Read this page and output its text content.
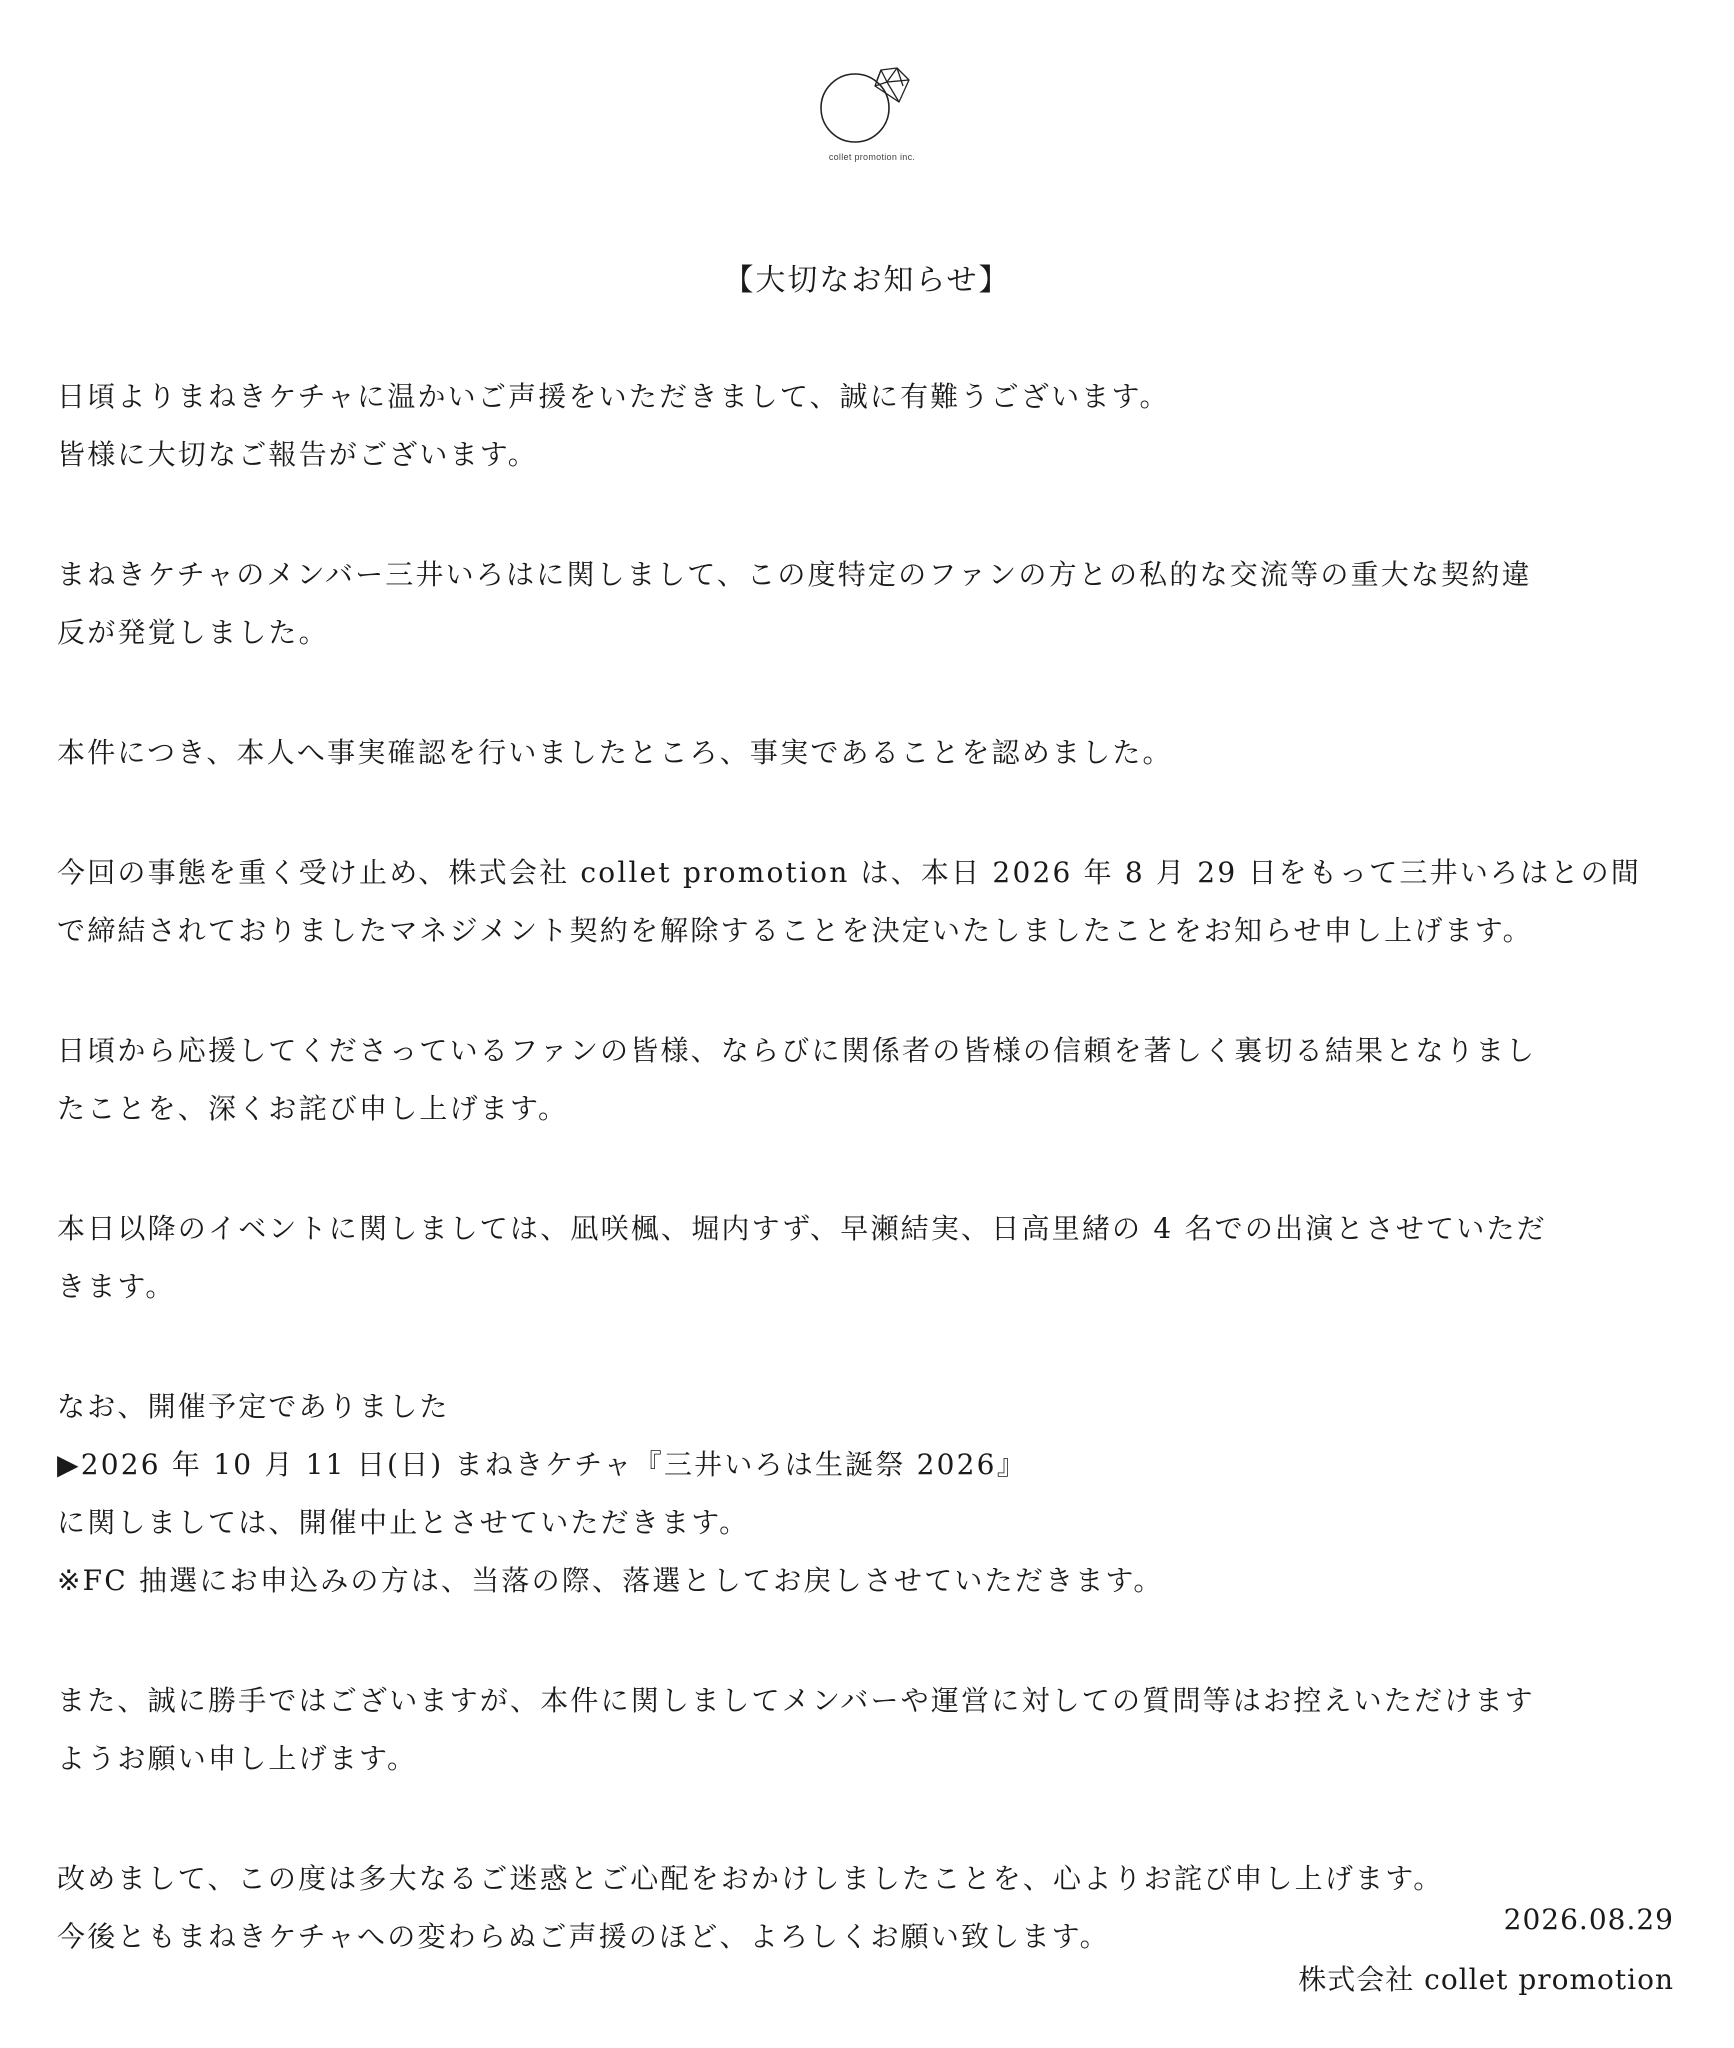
collet promotion inc.
【大切なお知らせ】
日頃よりまねきケチャに温かいご声援をいただきまして、誠に有難うございます。
皆様に大切なご報告がございます。
まねきケチャのメンバー三井いろはに関しまして、この度特定のファンの方との私的な交流等の重大な契約違
反が発覚しました。
本件につき、本人へ事実確認を行いましたところ、事実であることを認めました。
今回の事態を重く受け止め、株式会社 collet promotion は、本日 2026 年 8 月 29 日をもって三井いろはとの間
で締結されておりましたマネジメント契約を解除することを決定いたしましたことをお知らせ申し上げます。
日頃から応援してくださっているファンの皆様、ならびに関係者の皆様の信頼を著しく裏切る結果となりまし
たことを、深くお詫び申し上げます。
本日以降のイベントに関しましては、凪咲楓、堀内すず、早瀬結実、日高里緒の 4 名での出演とさせていただ
きます。
なお、開催予定でありました
▶2026 年 10 月 11 日(日) まねきケチャ『三井いろは生誕祭 2026』
に関しましては、開催中止とさせていただきます。
※FC 抽選にお申込みの方は、当落の際、落選としてお戻しさせていただきます。
また、誠に勝手ではございますが、本件に関しましてメンバーや運営に対しての質問等はお控えいただけます
ようお願い申し上げます。
改めまして、この度は多大なるご迷惑とご心配をおかけしましたことを、心よりお詫び申し上げます。
今後ともまねきケチャへの変わらぬご声援のほど、よろしくお願い致します。
2026.08.29
株式会社 collet promotion
